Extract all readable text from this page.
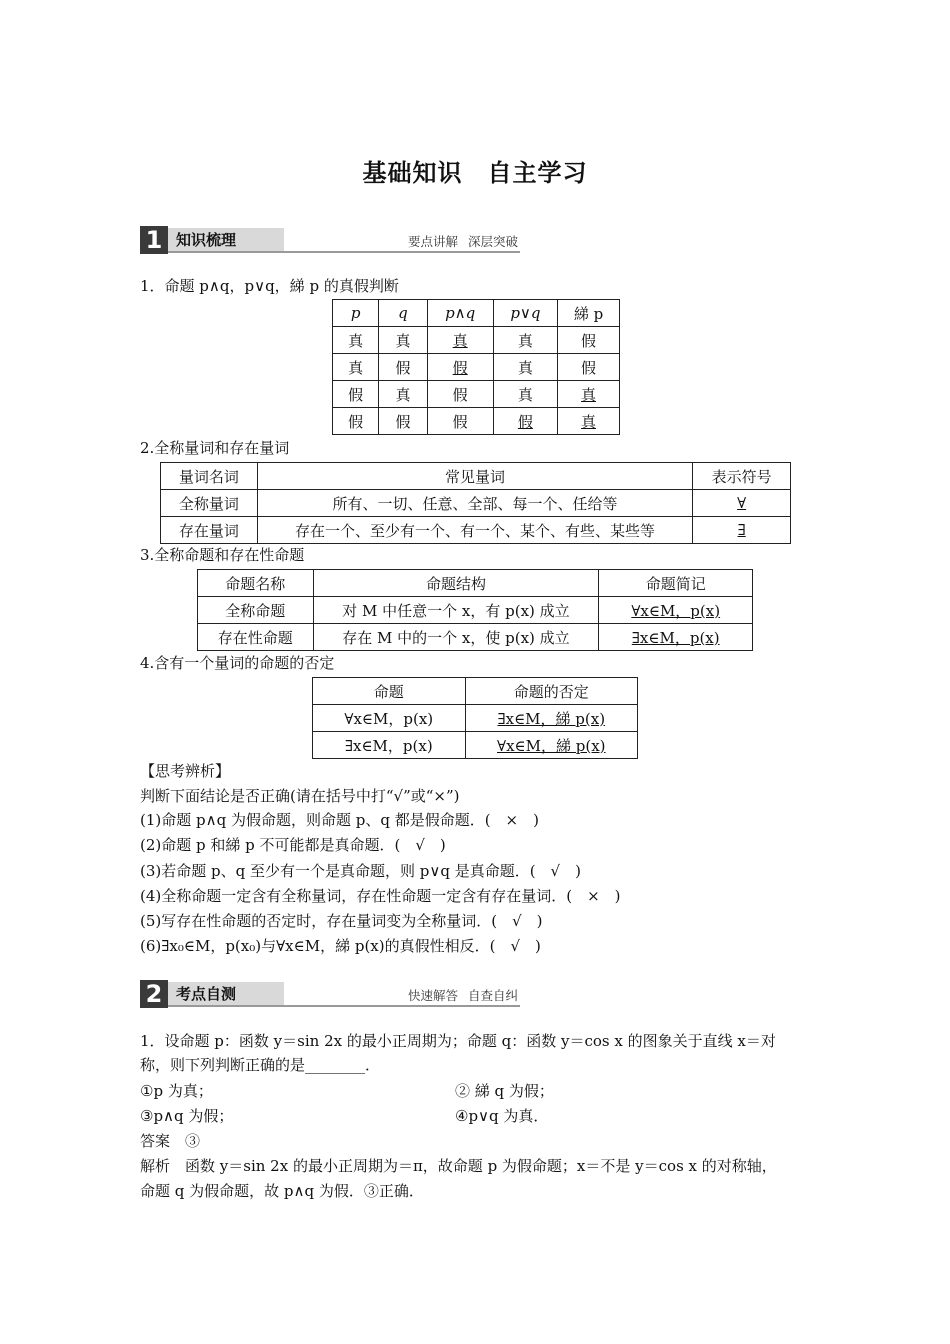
基础知识　自主学习
1 知识梳理	要点讲解 深层突破
1．命题 p∧q，p∨q，綈 p 的真假判断
p	q	p∧q	p∨q	綈 p
真	真	真	真	假
真	假	假	真	假
假	真	假	真	真
假	假	假	假	真
2.全称量词和存在量词
量词名词	常见量词	表示符号
全称量词	所有、一切、任意、全部、每一个、任给等	∀
存在量词	存在一个、至少有一个、有一个、某个、有些、某些等	∃
3.全称命题和存在性命题
命题名称	命题结构	命题简记
全称命题	对 M 中任意一个 x，有 p(x) 成立	∀x∈M，p(x)
存在性命题	存在 M 中的一个 x，使 p(x) 成立	∃x∈M，p(x)
4.含有一个量词的命题的否定
命题	命题的否定
∀x∈M，p(x)	∃x∈M，綈 p(x)
∃x∈M，p(x)	∀x∈M，綈 p(x)
【思考辨析】
判断下面结论是否正确(请在括号中打“√”或“×”)
(1)命题 p∧q 为假命题，则命题 p、q 都是假命题．(　×　)
(2)命题 p 和綈 p 不可能都是真命题．(　√　)
(3)若命题 p、q 至少有一个是真命题，则 p∨q 是真命题．(　√　)
(4)全称命题一定含有全称量词，存在性命题一定含有存在量词．(　×　)
(5)写存在性命题的否定时，存在量词变为全称量词．(　√　)
(6)∃x₀∈M，p(x₀)与∀x∈M，綈 p(x)的真假性相反．(　√　)
2 考点自测	快速解答 自查自纠
1．设命题 p：函数 y＝sin 2x 的最小正周期为；命题 q：函数 y＝cos x 的图象关于直线 x＝对
称，则下列判断正确的是________．
①p 为真；	② 綈 q 为假；
③p∧q 为假；	④p∨q 为真．
答案　③
解析　函数 y＝sin 2x 的最小正周期为＝π，故命题 p 为假命题；x＝不是 y＝cos x 的对称轴，
命题 q 为假命题，故 p∧q 为假．③正确．
